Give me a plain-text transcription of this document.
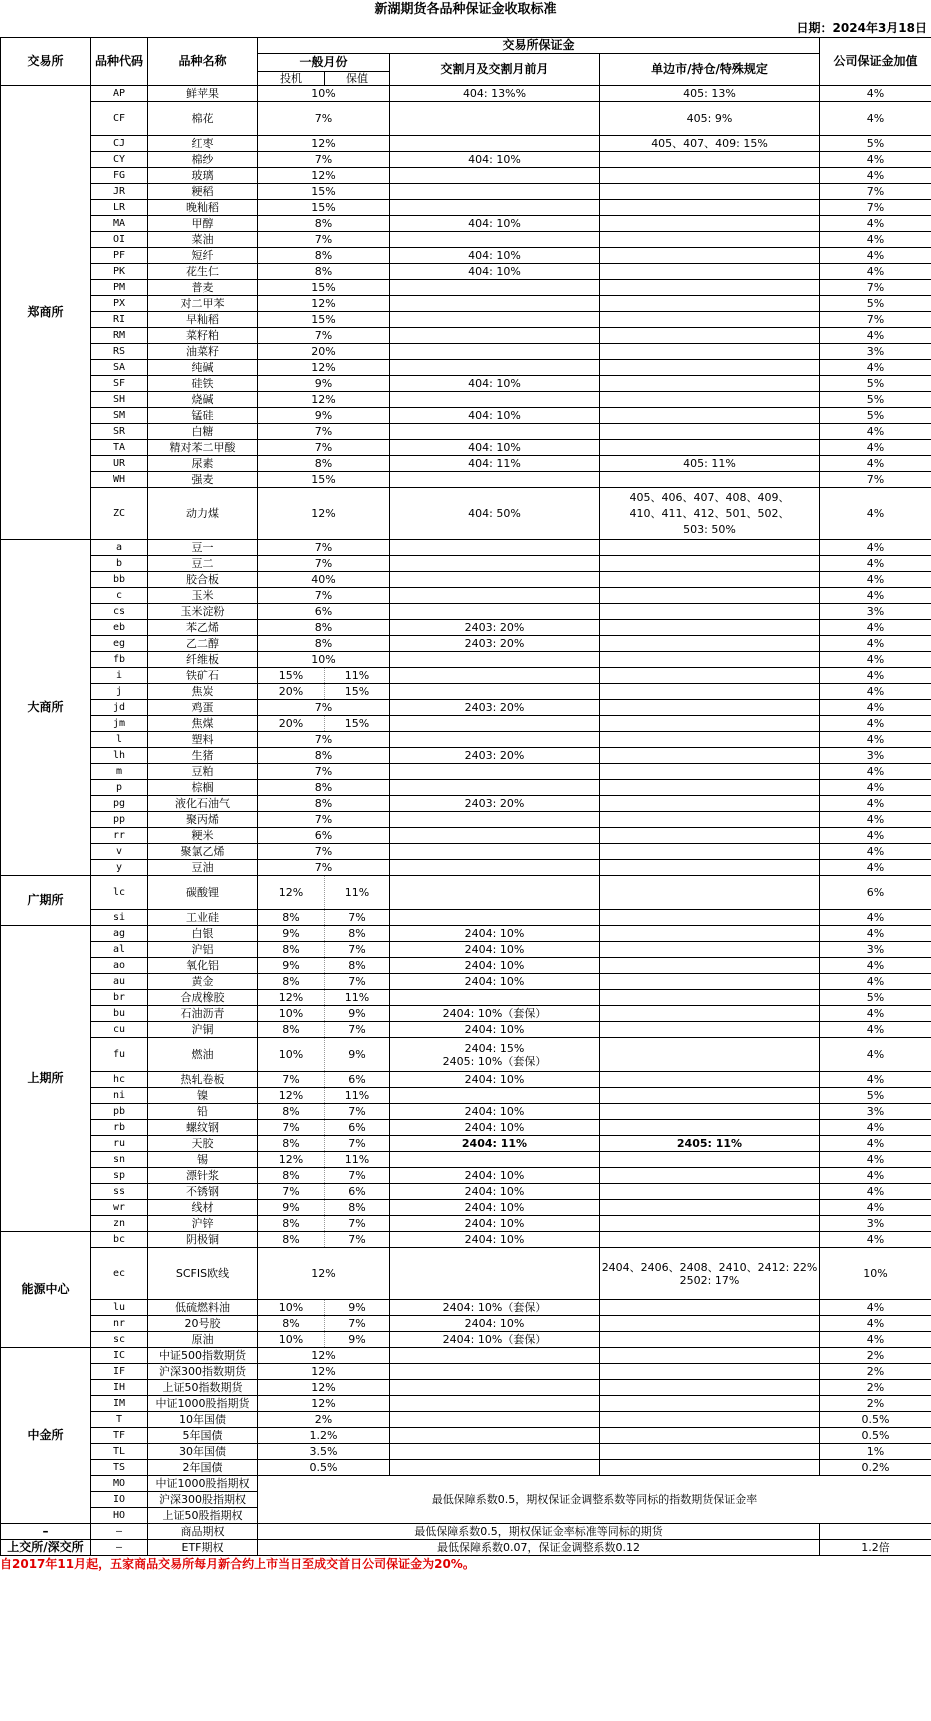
新湖期货各品种保证金收取标准
日期：2024年3月18日
交易所	品种代码	品种名称	交易所保证金				公司保证金加值
			一般月份		交割月及交割月前月	单边市/持仓/特殊规定	
			投机	保值			
郑商所	AP	鲜苹果	10%		404: 13%%	405: 13%	4%
	CF	棉花	7%			405: 9%	4%
	CJ	红枣	12%			405、407、409: 15%	5%
	CY	棉纱	7%		404: 10%		4%
	FG	玻璃	12%				4%
	JR	粳稻	15%				7%
	LR	晚籼稻	15%				7%
	MA	甲醇	8%		404: 10%		4%
	OI	菜油	7%				4%
	PF	短纤	8%		404: 10%		4%
	PK	花生仁	8%		404: 10%		4%
	PM	普麦	15%				7%
	PX	对二甲苯	12%				5%
	RI	早籼稻	15%				7%
	RM	菜籽粕	7%				4%
	RS	油菜籽	20%				3%
	SA	纯碱	12%				4%
	SF	硅铁	9%		404: 10%		5%
	SH	烧碱	12%				5%
	SM	锰硅	9%		404: 10%		5%
	SR	白糖	7%				4%
	TA	精对苯二甲酸	7%		404: 10%		4%
	UR	尿素	8%		404: 11%	405: 11%	4%
	WH	强麦	15%				7%
	ZC	动力煤	12%		404: 50%	405、406、407、408、409、410、411、412、501、502、503: 50%	4%
大商所	a	豆一	7%				4%
	b	豆二	7%				4%
	bb	胶合板	40%				4%
	c	玉米	7%				4%
	cs	玉米淀粉	6%				3%
	eb	苯乙烯	8%		2403: 20%		4%
	eg	乙二醇	8%		2403: 20%		4%
	fb	纤维板	10%				4%
	i	铁矿石	15%	11%			4%
	j	焦炭	20%	15%			4%
	jd	鸡蛋	7%		2403: 20%		4%
	jm	焦煤	20%	15%			4%
	l	塑料	7%				4%
	lh	生猪	8%		2403: 20%		3%
	m	豆粕	7%				4%
	p	棕榈	8%				4%
	pg	液化石油气	8%		2403: 20%		4%
	pp	聚丙烯	7%				4%
	rr	粳米	6%				4%
	v	聚氯乙烯	7%				4%
	y	豆油	7%				4%
广期所	lc	碳酸锂	12%	11%			6%
	si	工业硅	8%	7%			4%
上期所	ag	白银	9%	8%	2404: 10%		4%
	al	沪铝	8%	7%	2404: 10%		3%
	ao	氧化铝	9%	8%	2404: 10%		4%
	au	黄金	8%	7%	2404: 10%		4%
	br	合成橡胶	12%	11%			5%
	bu	石油沥青	10%	9%	2404: 10%（套保）		4%
	cu	沪铜	8%	7%	2404: 10%		4%
	fu	燃油	10%	9%	2404: 15%
2405: 10%（套保）		4%
	hc	热轧卷板	7%	6%	2404: 10%		4%
	ni	镍	12%	11%			5%
	pb	铅	8%	7%	2404: 10%		3%
	rb	螺纹钢	7%	6%	2404: 10%		4%
	ru	天胶	8%	7%	2404: 11%	2405: 11%	4%
	sn	锡	12%	11%			4%
	sp	漂针浆	8%	7%	2404: 10%		4%
	ss	不锈钢	7%	6%	2404: 10%		4%
	wr	线材	9%	8%	2404: 10%		4%
	zn	沪锌	8%	7%	2404: 10%		3%
能源中心	bc	阴极铜	8%	7%	2404: 10%		4%
	ec	SCFIS欧线	12%			2404、2406、2408、2410、2412: 22%
2502: 17%	10%
	lu	低硫燃料油	10%	9%	2404: 10%（套保）		4%
	nr	20号胶	8%	7%	2404: 10%		4%
	sc	原油	10%	9%	2404: 10%（套保）		4%
中金所	IC	中证500指数期货	12%				2%
	IF	沪深300指数期货	12%				2%
	IH	上证50指数期货	12%				2%
	IM	中证1000股指期货	12%				2%
	T	10年国债	2%				0.5%
	TF	5年国债	1.2%				0.5%
	TL	30年国债	3.5%				1%
	TS	2年国债	0.5%				0.2%
	MO	中证1000股指期权	最低保障系数0.5，期权保证金调整系数等同标的指数期货保证金率				
	IO	沪深300股指期权					
	HO	上证50股指期权					
–	–	商品期权	最低保障系数0.5，期权保证金率标准等同标的期货				
上交所/深交所	–	ETF期权	最低保障系数0.07，保证金调整系数0.12				1.2倍
自2017年11月起，五家商品交易所每月新合约上市当日至成交首日公司保证金为20%。
